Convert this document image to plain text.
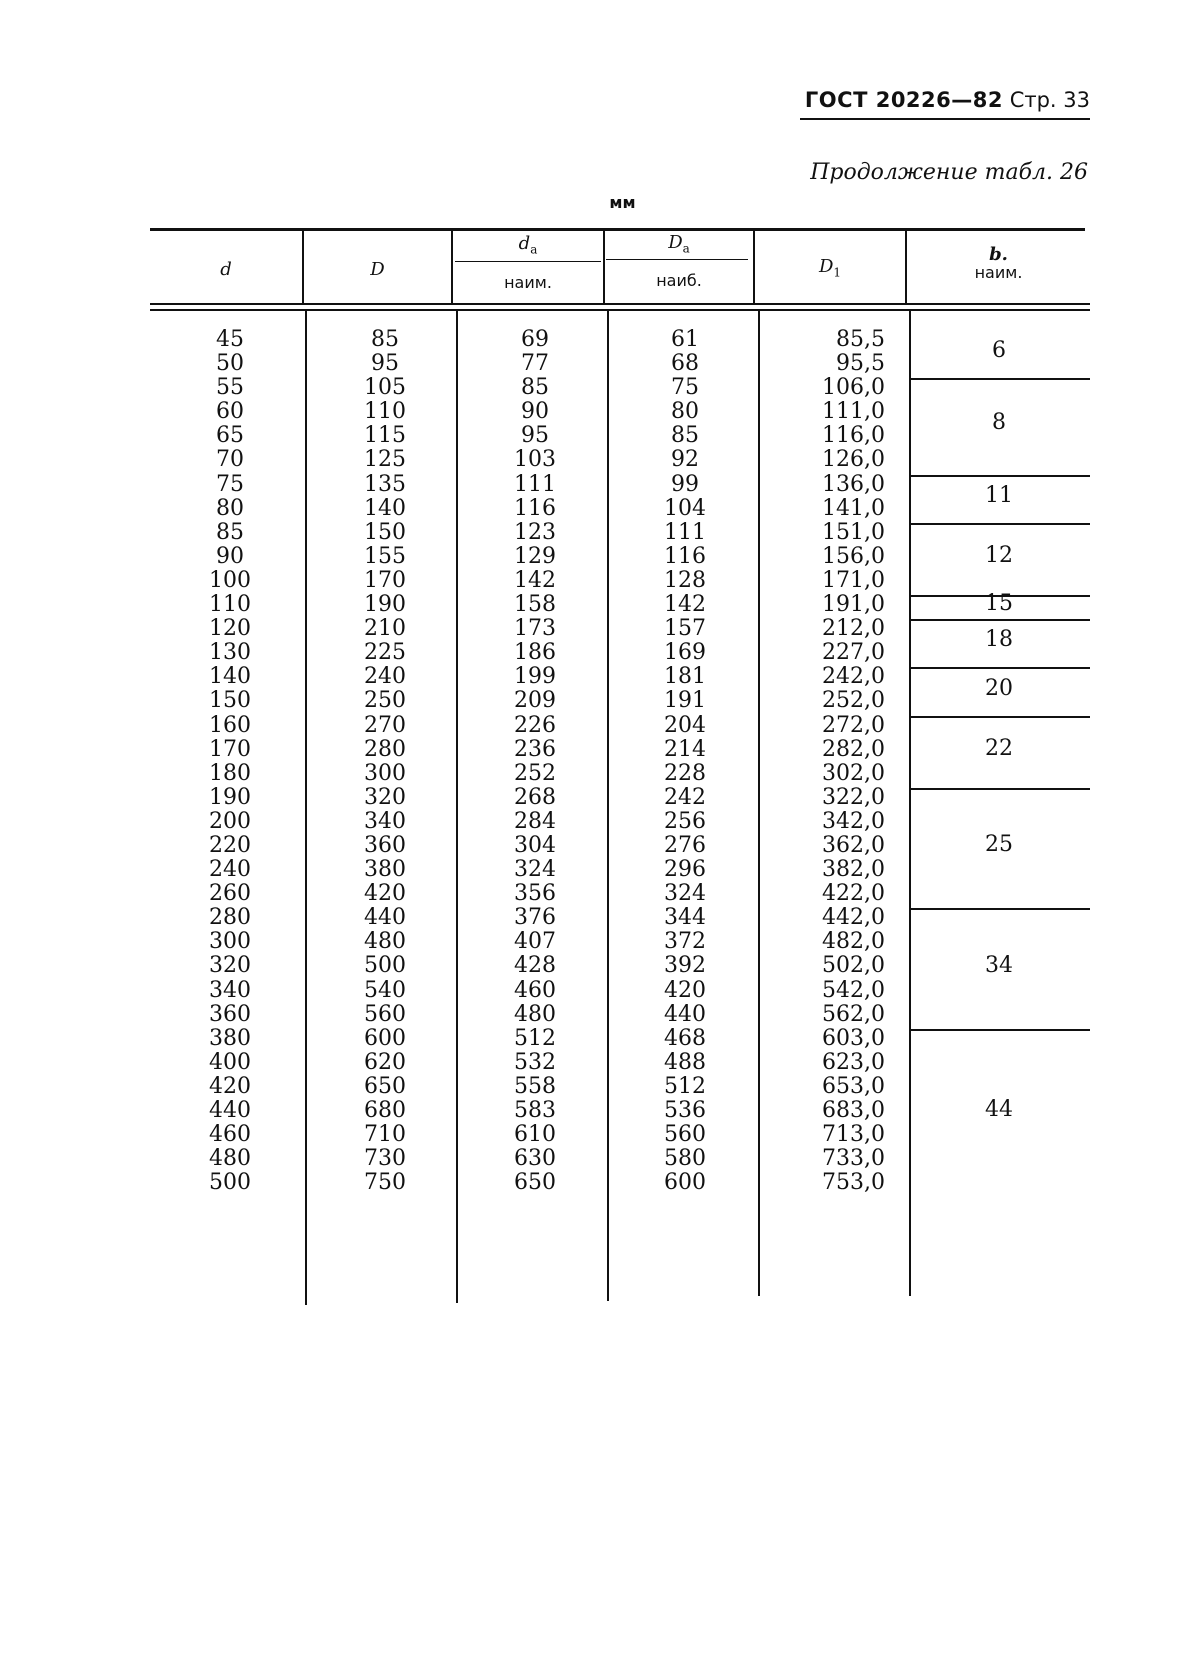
ГОСТ 20226—82 Стр. 33
Продолжение табл. 26
мм
d	D
$d_a$
наим.
$D_a$
наиб.
$D_1$
b.
наим.
45
50
55
60
65
70
75
80
85
90
100
110
120
130
140
150
160
170
180
190
200
220
240
260
280
300
320
340
360
380
400
420
440
460
480
500
85
95
105
110
115
125
135
140
150
155
170
190
210
225
240
250
270
280
300
320
340
360
380
420
440
480
500
540
560
600
620
650
680
710
730
750
69
77
85
90
95
103
111
116
123
129
142
158
173
186
199
209
226
236
252
268
284
304
324
356
376
407
428
460
480
512
532
558
583
610
630
650
61
68
75
80
85
92
99
104
111
116
128
142
157
169
181
191
204
214
228
242
256
276
296
324
344
372
392
420
440
468
488
512
536
560
580
600
85,5
95,5
106,0
111,0
116,0
126,0
136,0
141,0
151,0
156,0
171,0
191,0
212,0
227,0
242,0
252,0
272,0
282,0
302,0
322,0
342,0
362,0
382,0
422,0
442,0
482,0
502,0
542,0
562,0
603,0
623,0
653,0
683,0
713,0
733,0
753,0
6
8
11
12
15
18
20
22
25
34
44
